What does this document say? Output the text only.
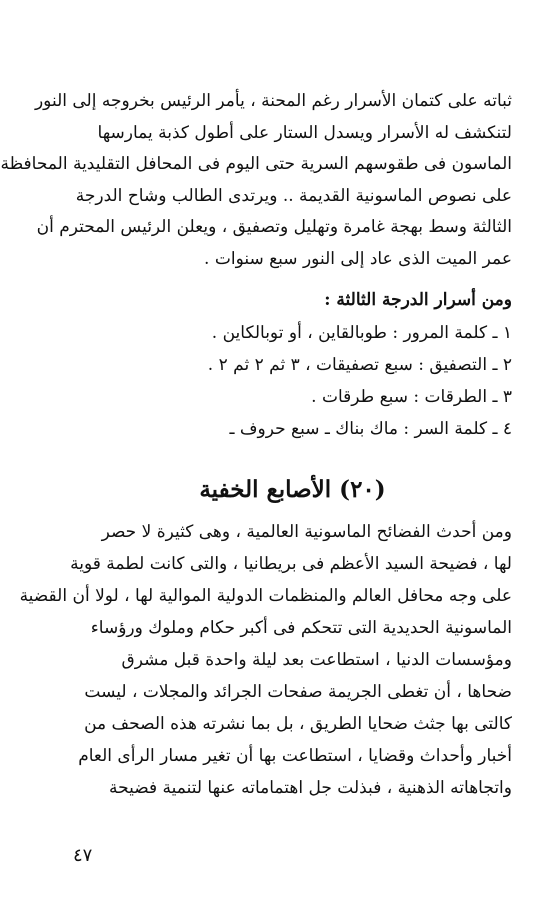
ثباته على كتمان الأسرار رغم المحنة ، يأمر الرئيس بخروجه إلى النور
لتنكشف له الأسرار ويسدل الستار على أطول كذبة يمارسها
الماسون فى طقوسهم السرية حتى اليوم فى المحافل التقليدية المحافظة
على نصوص الماسونية القديمة .. ويرتدى الطالب وشاح الدرجة
الثالثة وسط بهجة غامرة وتهليل وتصفيق ، ويعلن الرئيس المحترم أن
عمر الميت الذى عاد إلى النور سبع سنوات .
ومن أسرار الدرجة الثالثة :
١ ـ كلمة المرور : طوبالقاين ، أو توبالكاين .
٢ ـ التصفيق : سبع تصفيقات ، ٣ ثم ٢ ثم ٢ .
٣ ـ الطرقات : سبع طرقات .
٤ ـ كلمة السر : ماك بناك ـ سبع حروف ـ
(٢٠) الأصابع الخفية
ومن أحدث الفضائح الماسونية العالمية ، وهى كثيرة لا حصر
لها ، فضيحة السيد الأعظم فى بريطانيا ، والتى كانت لطمة قوية
على وجه محافل العالم والمنظمات الدولية الموالية لها ، لولا أن القضية
الماسونية الحديدية التى تتحكم فى أكبر حكام وملوك ورؤساء
ومؤسسات الدنيا ، استطاعت بعد ليلة واحدة قبل مشرق
ضحاها ، أن تغطى الجريمة صفحات الجرائد والمجلات ، ليست
كالتى بها جثث ضحايا الطريق ، بل بما نشرته هذه الصحف من
أخبار وأحداث وقضايا ، استطاعت بها أن تغير مسار الرأى العام
واتجاهاته الذهنية ، فبذلت جل اهتماماته عنها لتنمية فضيحة
٤٧
